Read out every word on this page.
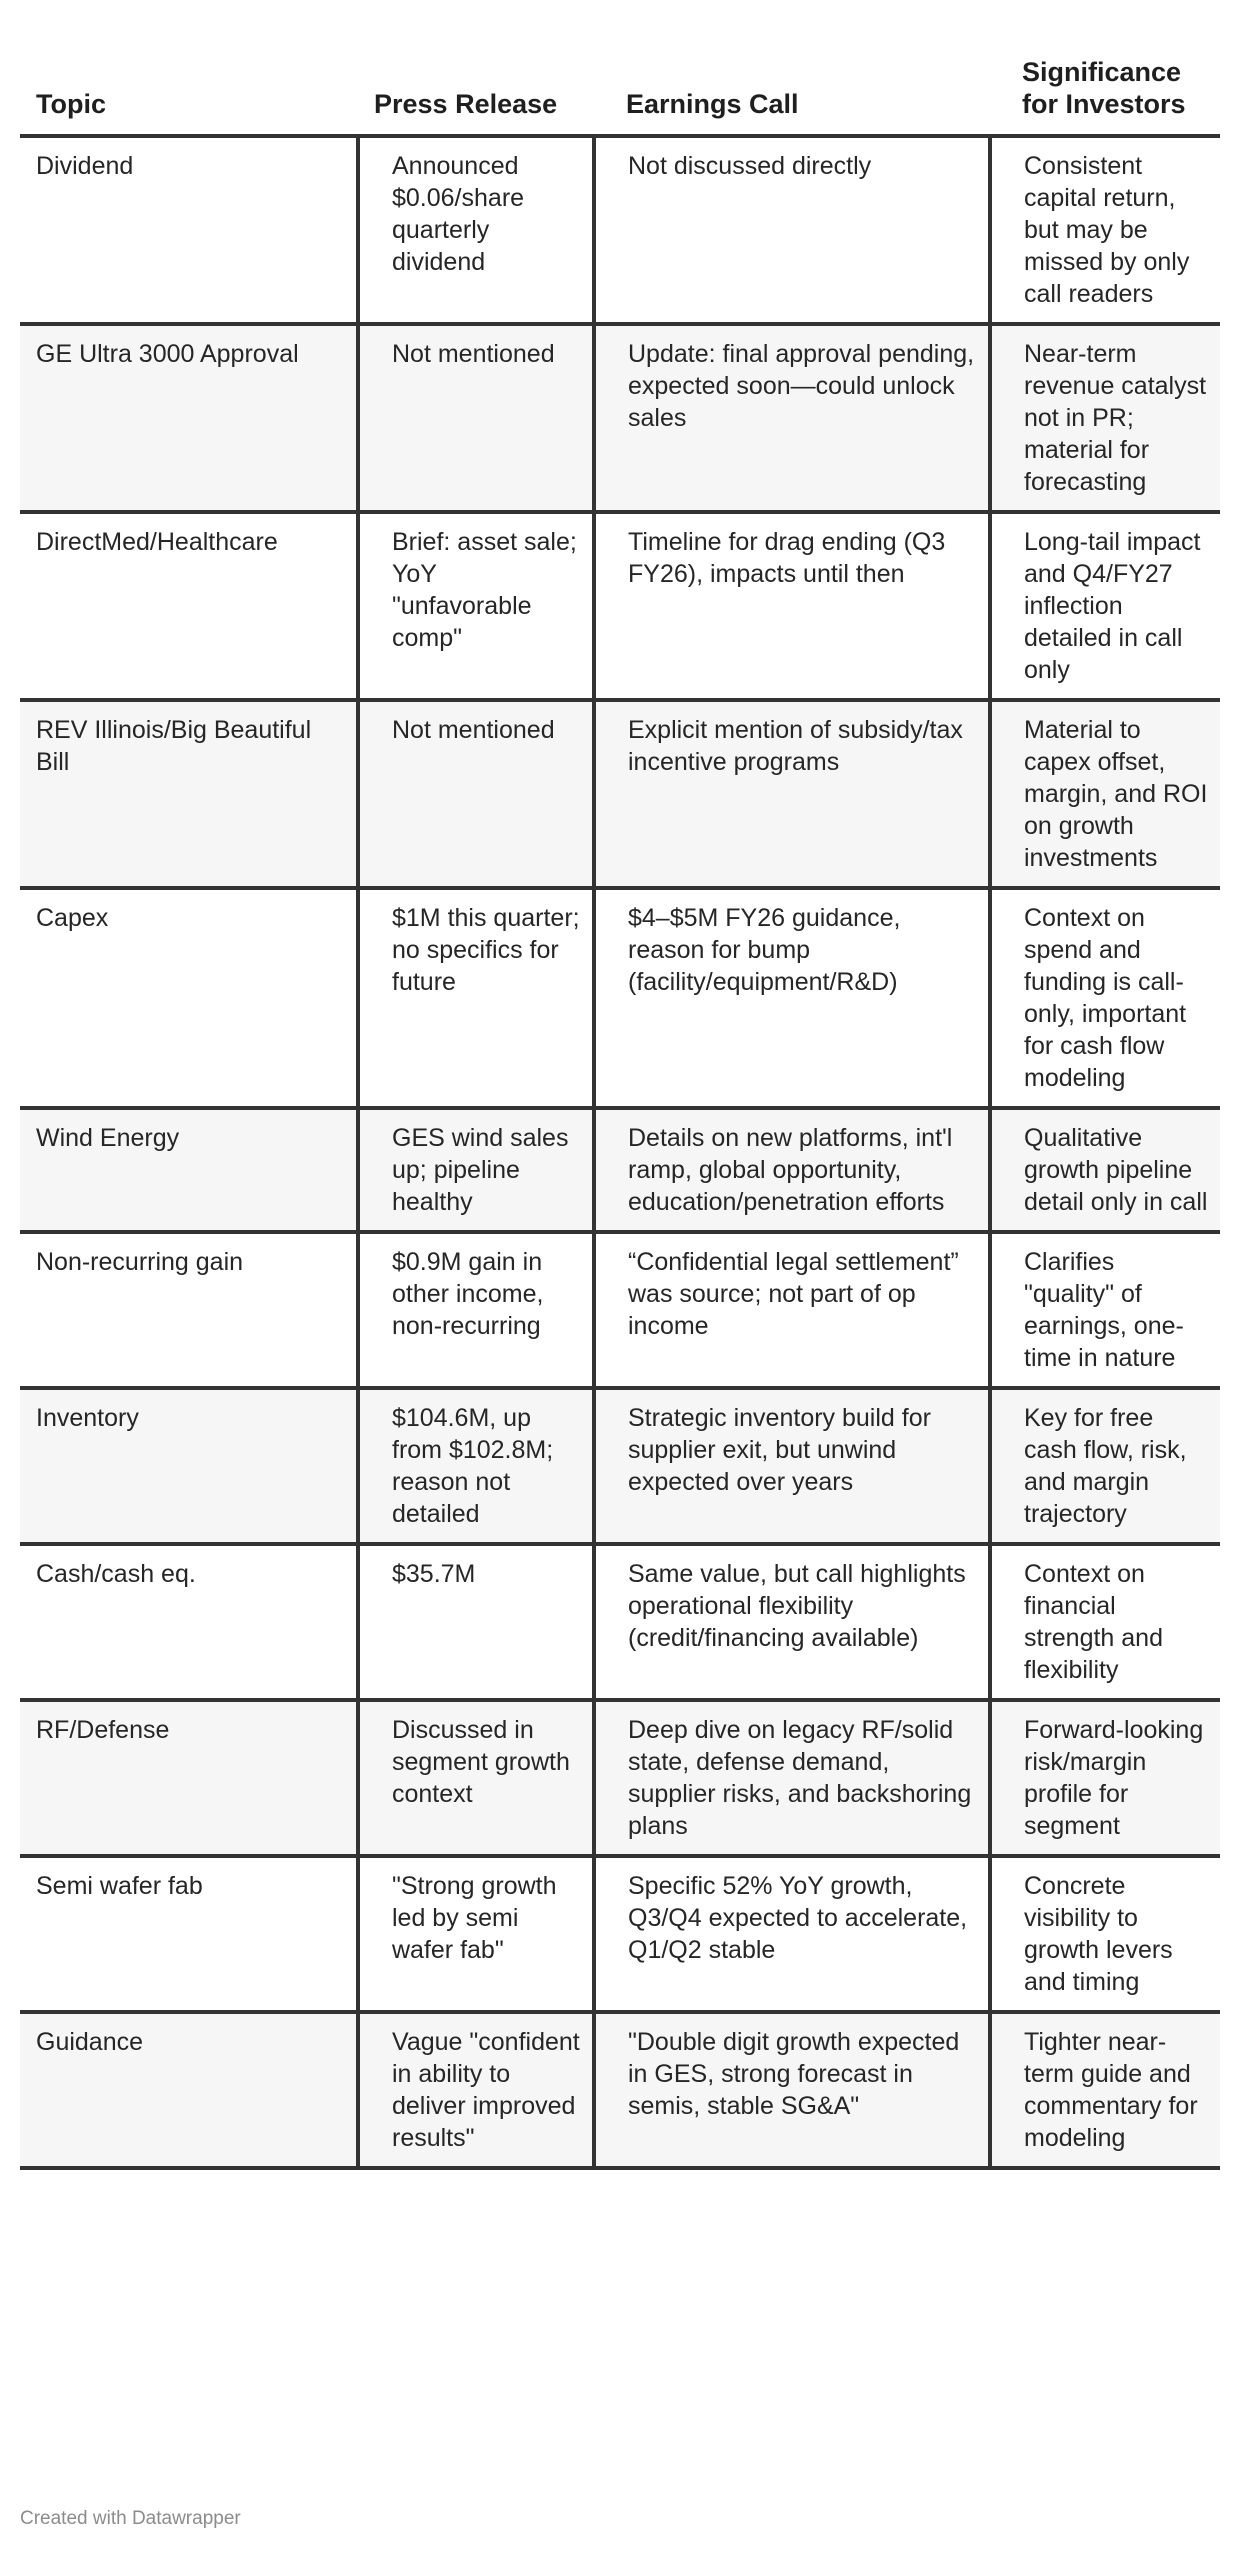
Topic	Press Release	Earnings Call	Significance for Investors
Dividend	Announced $0.06/share quarterly dividend	Not discussed directly	Consistent capital return, but may be missed by only call readers
GE Ultra 3000 Approval	Not mentioned	Update: final approval pending, expected soon—could unlock sales	Near-term revenue catalyst not in PR; material for forecasting
DirectMed/Healthcare	Brief: asset sale; YoY "unfavorable comp"	Timeline for drag ending (Q3 FY26), impacts until then	Long-tail impact and Q4/FY27 inflection detailed in call only
REV Illinois/Big Beautiful Bill	Not mentioned	Explicit mention of subsidy/tax incentive programs	Material to capex offset, margin, and ROI on growth investments
Capex	$1M this quarter; no specifics for future	$4–$5M FY26 guidance, reason for bump (facility/equipment/R&D)	Context on spend and funding is call-only, important for cash flow modeling
Wind Energy	GES wind sales up; pipeline healthy	Details on new platforms, int'l ramp, global opportunity, education/penetration efforts	Qualitative growth pipeline detail only in call
Non-recurring gain	$0.9M gain in other income, non-recurring	“Confidential legal settlement” was source; not part of op income	Clarifies "quality" of earnings, one-time in nature
Inventory	$104.6M, up from $102.8M; reason not detailed	Strategic inventory build for supplier exit, but unwind expected over years	Key for free cash flow, risk, and margin trajectory
Cash/cash eq.	$35.7M	Same value, but call highlights operational flexibility (credit/financing available)	Context on financial strength and flexibility
RF/Defense	Discussed in segment growth context	Deep dive on legacy RF/solid state, defense demand, supplier risks, and backshoring plans	Forward-looking risk/margin profile for segment
Semi wafer fab	"Strong growth led by semi wafer fab"	Specific 52% YoY growth, Q3/Q4 expected to accelerate, Q1/Q2 stable	Concrete visibility to growth levers and timing
Guidance	Vague "confident in ability to deliver improved results"	"Double digit growth expected in GES, strong forecast in semis, stable SG&A"	Tighter near-term guide and commentary for modeling
Created with Datawrapper
